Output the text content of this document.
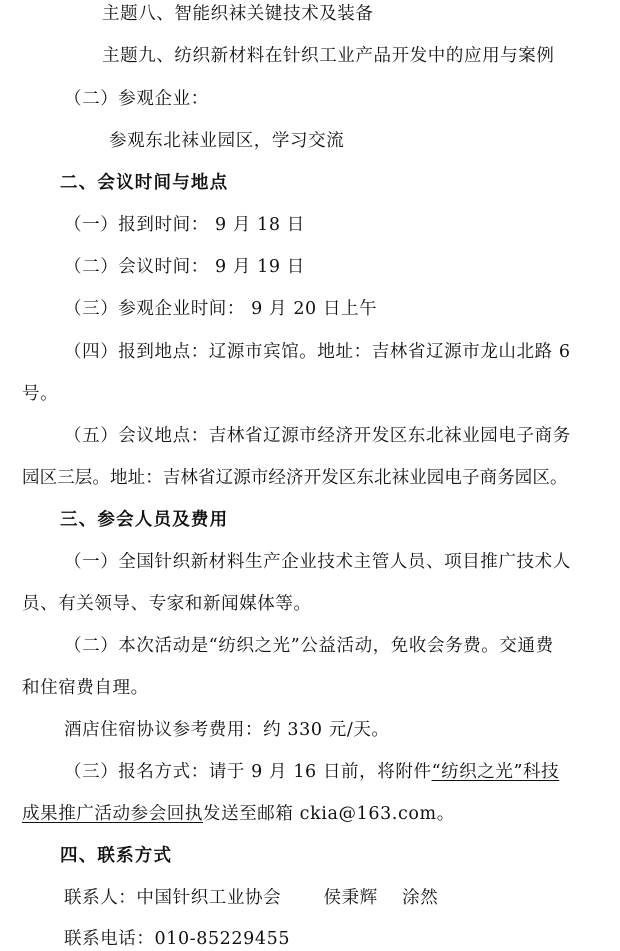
主题八、智能织袜关键技术及装备
主题九、纺织新材料在针织工业产品开发中的应用与案例
（二）参观企业：
参观东北袜业园区，学习交流
二、会议时间与地点
（一）报到时间： 9 月 18 日
（二）会议时间： 9 月 19 日
（三）参观企业时间： 9 月 20 日上午
（四）报到地点：辽源市宾馆。地址：吉林省辽源市龙山北路 6
号。
（五）会议地点：吉林省辽源市经济开发区东北袜业园电子商务
园区三层。地址：吉林省辽源市经济开发区东北袜业园电子商务园区。
三、参会人员及费用
（一）全国针织新材料生产企业技术主管人员、项目推广技术人
员、有关领导、专家和新闻媒体等。
（二）本次活动是“纺织之光”公益活动，免收会务费。交通费
和住宿费自理。
酒店住宿协议参考费用：约 330 元/天。
（三）报名方式：请于 9 月 16 日前，将附件“纺织之光”科技
成果推广活动参会回执发送至邮箱 ckia@163.com。
四、联系方式
联系人：中国针织工业协会　　 侯秉辉　 涂然
联系电话：010-85229455
